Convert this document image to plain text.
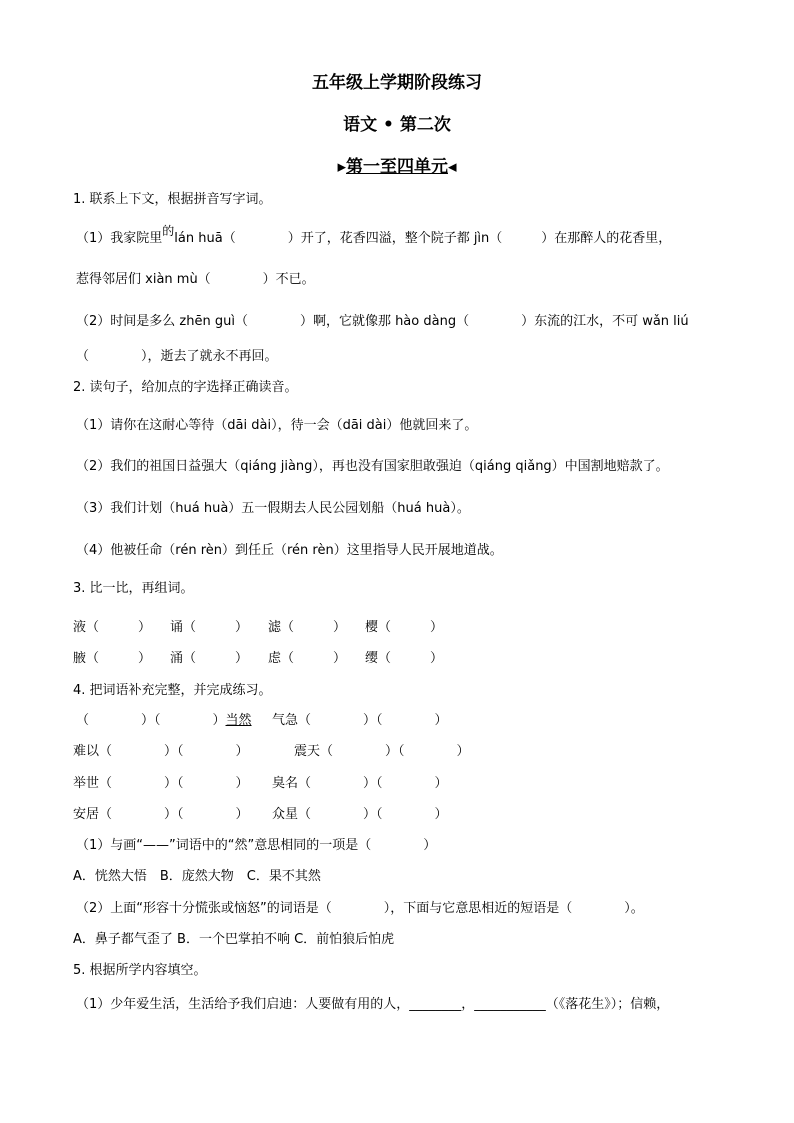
五年级上学期阶段练习
语文 • 第二次
▸第一至四单元◂
1. 联系上下文，根据拼音写字词。
（1）我家院里的lán huā（　　　　）开了，花香四溢，整个院子都 jìn（　　　）在那醉人的花香里，
惹得邻居们 xiàn mù（　　　　）不已。
（2）时间是多么 zhēn guì（　　　　）啊，它就像那 hào dàng（　　　　）东流的江水，不可 wǎn liú
（　　　　），逝去了就永不再回。
2. 读句子，给加点的字选择正确读音。
（1）请你在这耐心等待（dāi dài），待一会（dāi dài）他就回来了。
（2）我们的祖国日益强大（qiáng jiàng），再也没有国家胆敢强迫（qiáng qiǎng）中国割地赔款了。
（3）我们计划（huá huà）五一假期去人民公园划船（huá huà）。
（4）他被任命（rén rèn）到任丘（rén rèn）这里指导人民开展地道战。
3. 比一比，再组词。
液（　　　） 诵（　　　） 滤（　　　） 樱（　　　）
腋（　　　） 涌（　　　） 虑（　　　） 缨（　　　）
4. 把词语补充完整，并完成练习。
（　　　　）（　　　　）当然 气急（　　　　）（　　　　）
难以（　　　　）（　　　　）	震天（　　　　）（　　　　）
举世（　　　　）（　　　　） 臭名（　　　　）（　　　　）
安居（　　　　）（　　　　） 众星（　　　　）（　　　　）
（1）与画“——”词语中的“然”意思相同的一项是（　　　　）
A．恍然大悟　B．庞然大物　C．果不其然
（2）上面“形容十分慌张或恼怒”的词语是（　　　　），下面与它意思相近的短语是（　　　　）。
A．鼻子都气歪了 B．一个巴掌拍不响 C．前怕狼后怕虎
5. 根据所学内容填空。
（1）少年爱生活，生活给予我们启迪：人要做有用的人，________，___________（《落花生》）；信赖，
